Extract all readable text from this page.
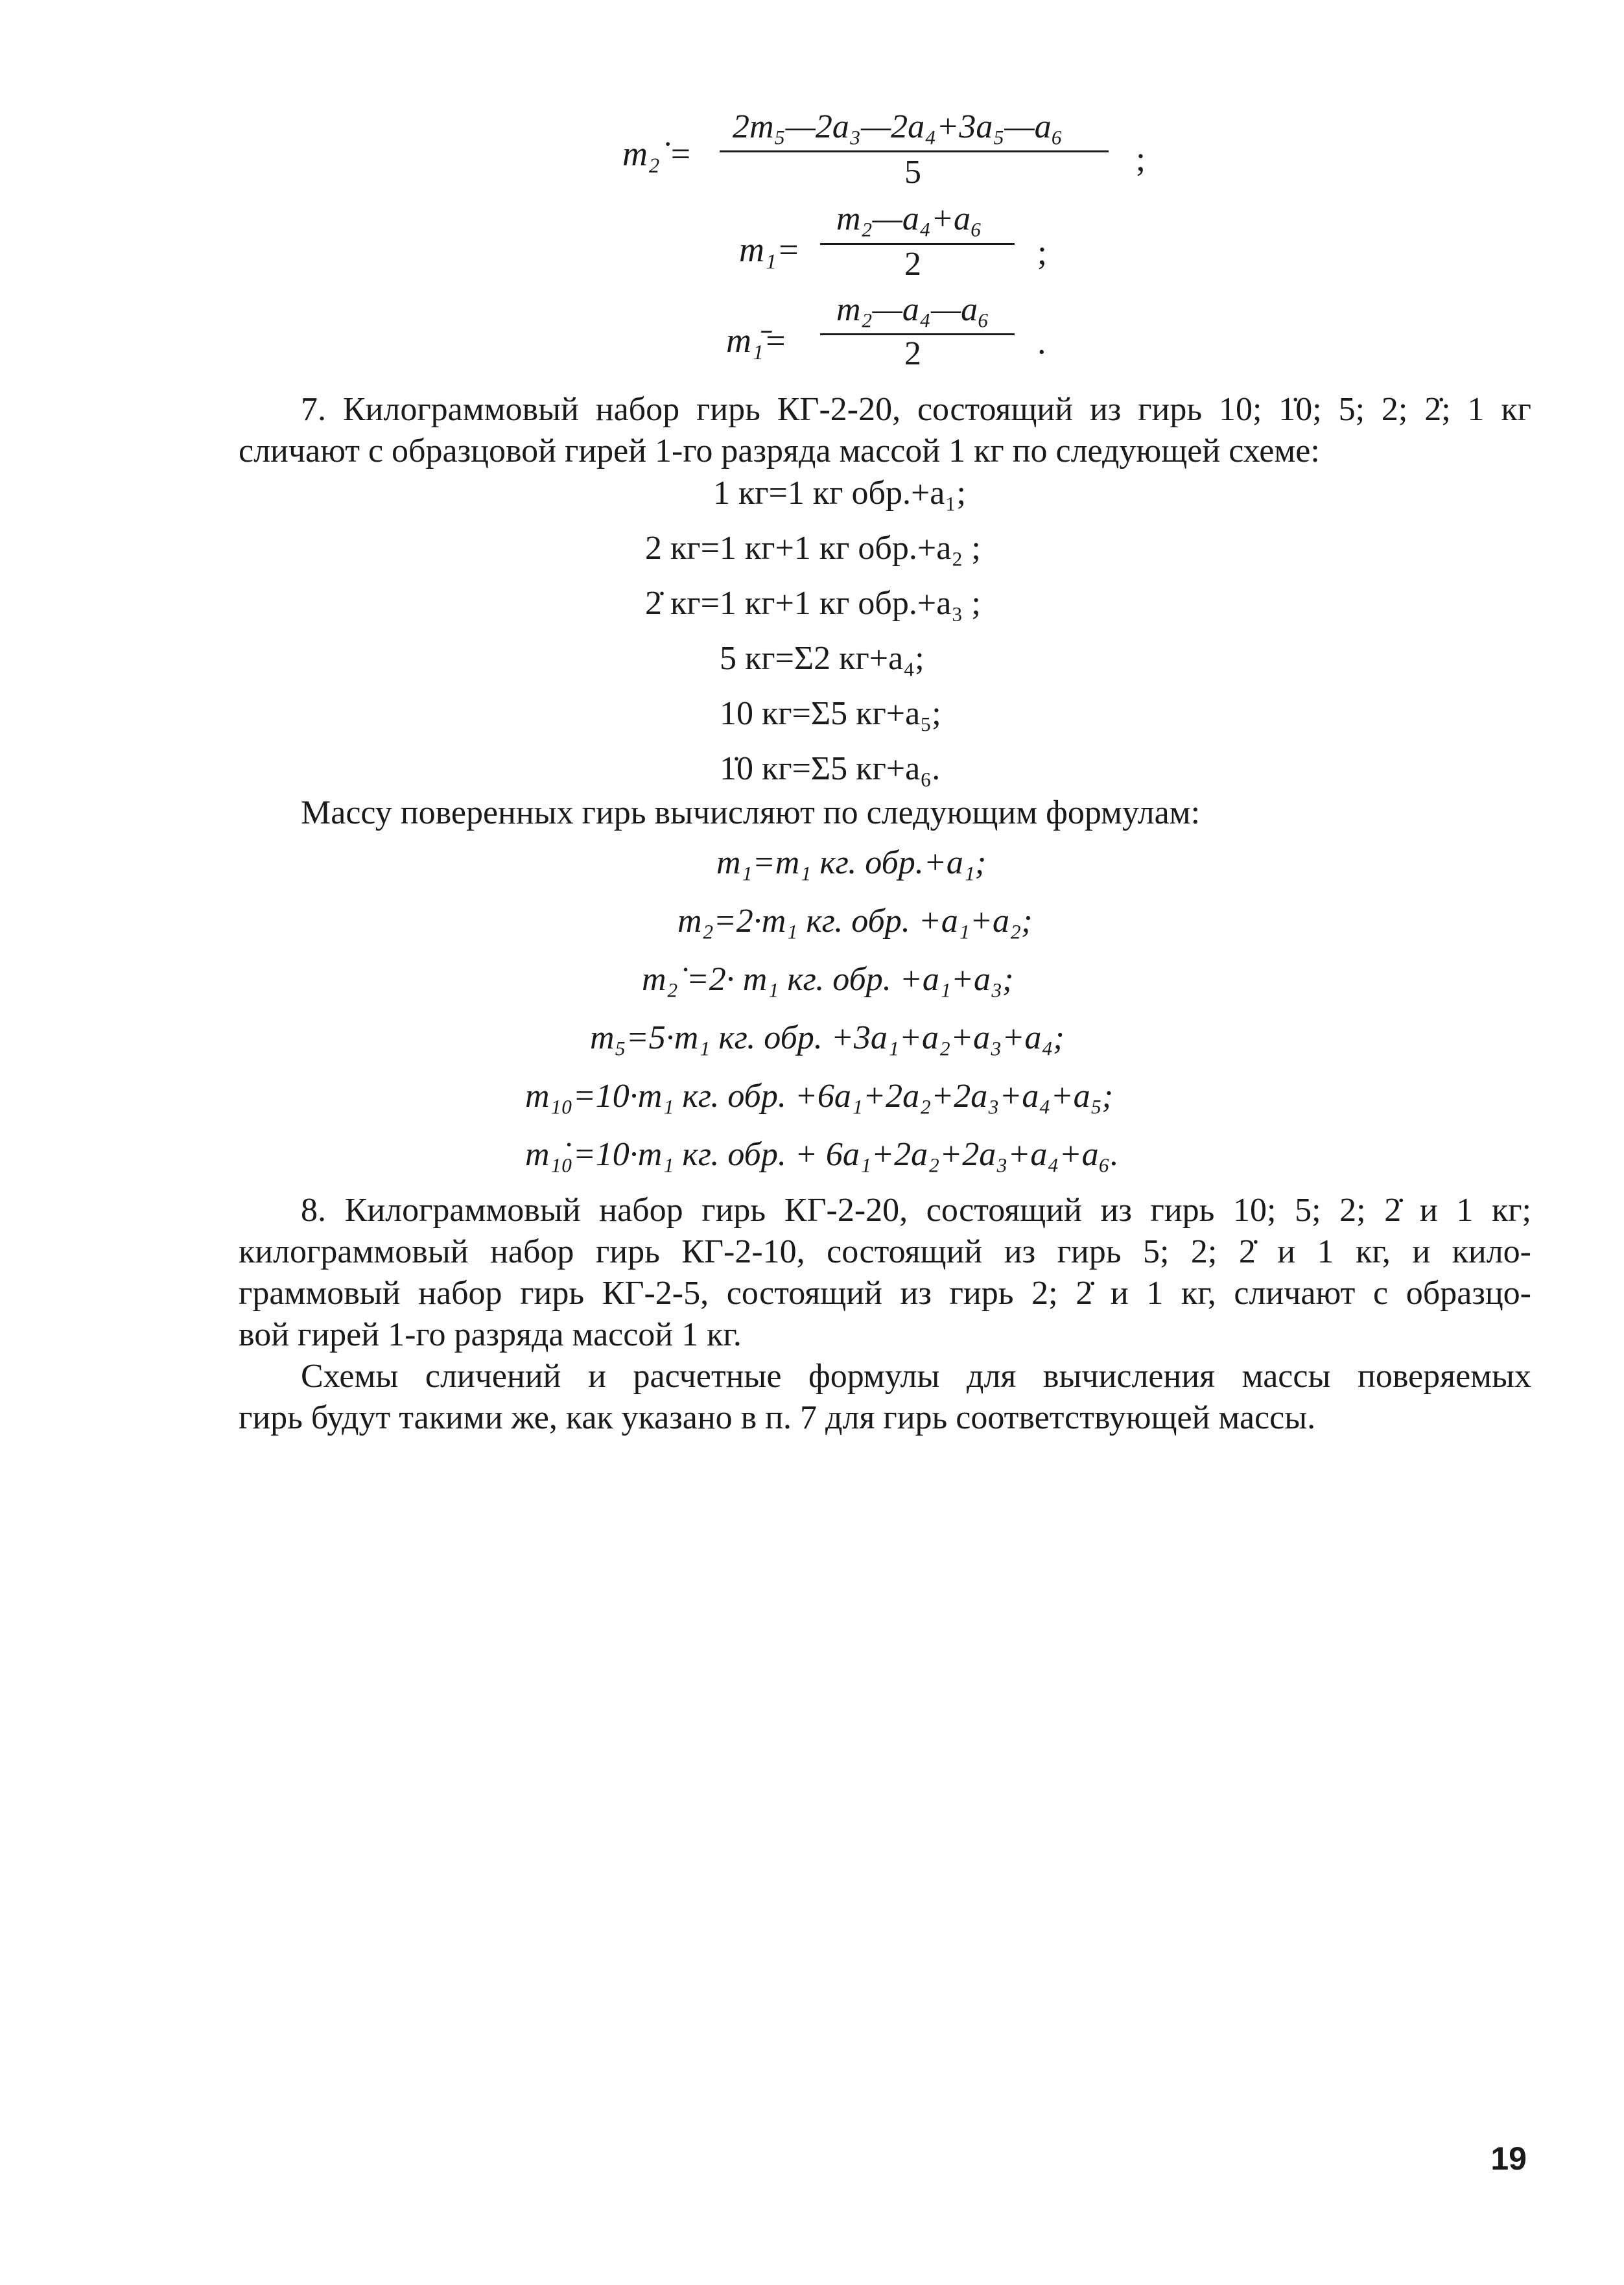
m₂̇ =
2m₅—2a₃—2a₄+3a₅—a₆
5	;
m₁=
m₂—a₄+a₆
2	;
m₁̄=
m₂—a₄—a₆
2	.
7. Килограммовый набор гирь КГ-2-20, состоящий из гирь 10; 1̇0; 5; 2; 2̇; 1 кг
сличают с образцовой гирей 1-го разряда массой 1 кг по следующей схеме:
1 кг=1 кг обр.+a₁;
2 кг=1 кг+1 кг обр.+a₂ ;
2̇ кг=1 кг+1 кг обр.+a₃ ;
5 кг=Σ2 кг+a₄;
10 кг=Σ5 кг+a₅;
1̇0 кг=Σ5 кг+a₆.
Массу поверенных гирь вычисляют по следующим формулам:
m₁=m₁ кг. обр.+a₁;
m₂=2·m₁ кг. обр. +a₁+a₂;
m₂̇ =2· m₁ кг. обр. +a₁+a₃;
m₅=5·m₁ кг. обр. +3a₁+a₂+a₃+a₄;
m₁₀=10·m₁ кг. обр. +6a₁+2a₂+2a₃+a₄+a₅;
m₁̇₀=10·m₁ кг. обр. + 6a₁+2a₂+2a₃+a₄+a₆.
8. Килограммовый набор гирь КГ-2-20, состоящий из гирь 10; 5; 2; 2̇ и 1 кг;
килограммовый набор гирь КГ-2-10, состоящий из гирь 5; 2; 2̇ и 1 кг, и кило-
граммовый набор гирь КГ-2-5, состоящий из гирь 2; 2̇ и 1 кг, сличают с образцо-
вой гирей 1-го разряда массой 1 кг.
Схемы сличений и расчетные формулы для вычисления массы поверяемых
гирь будут такими же, как указано в п. 7 для гирь соответствующей массы.
19
